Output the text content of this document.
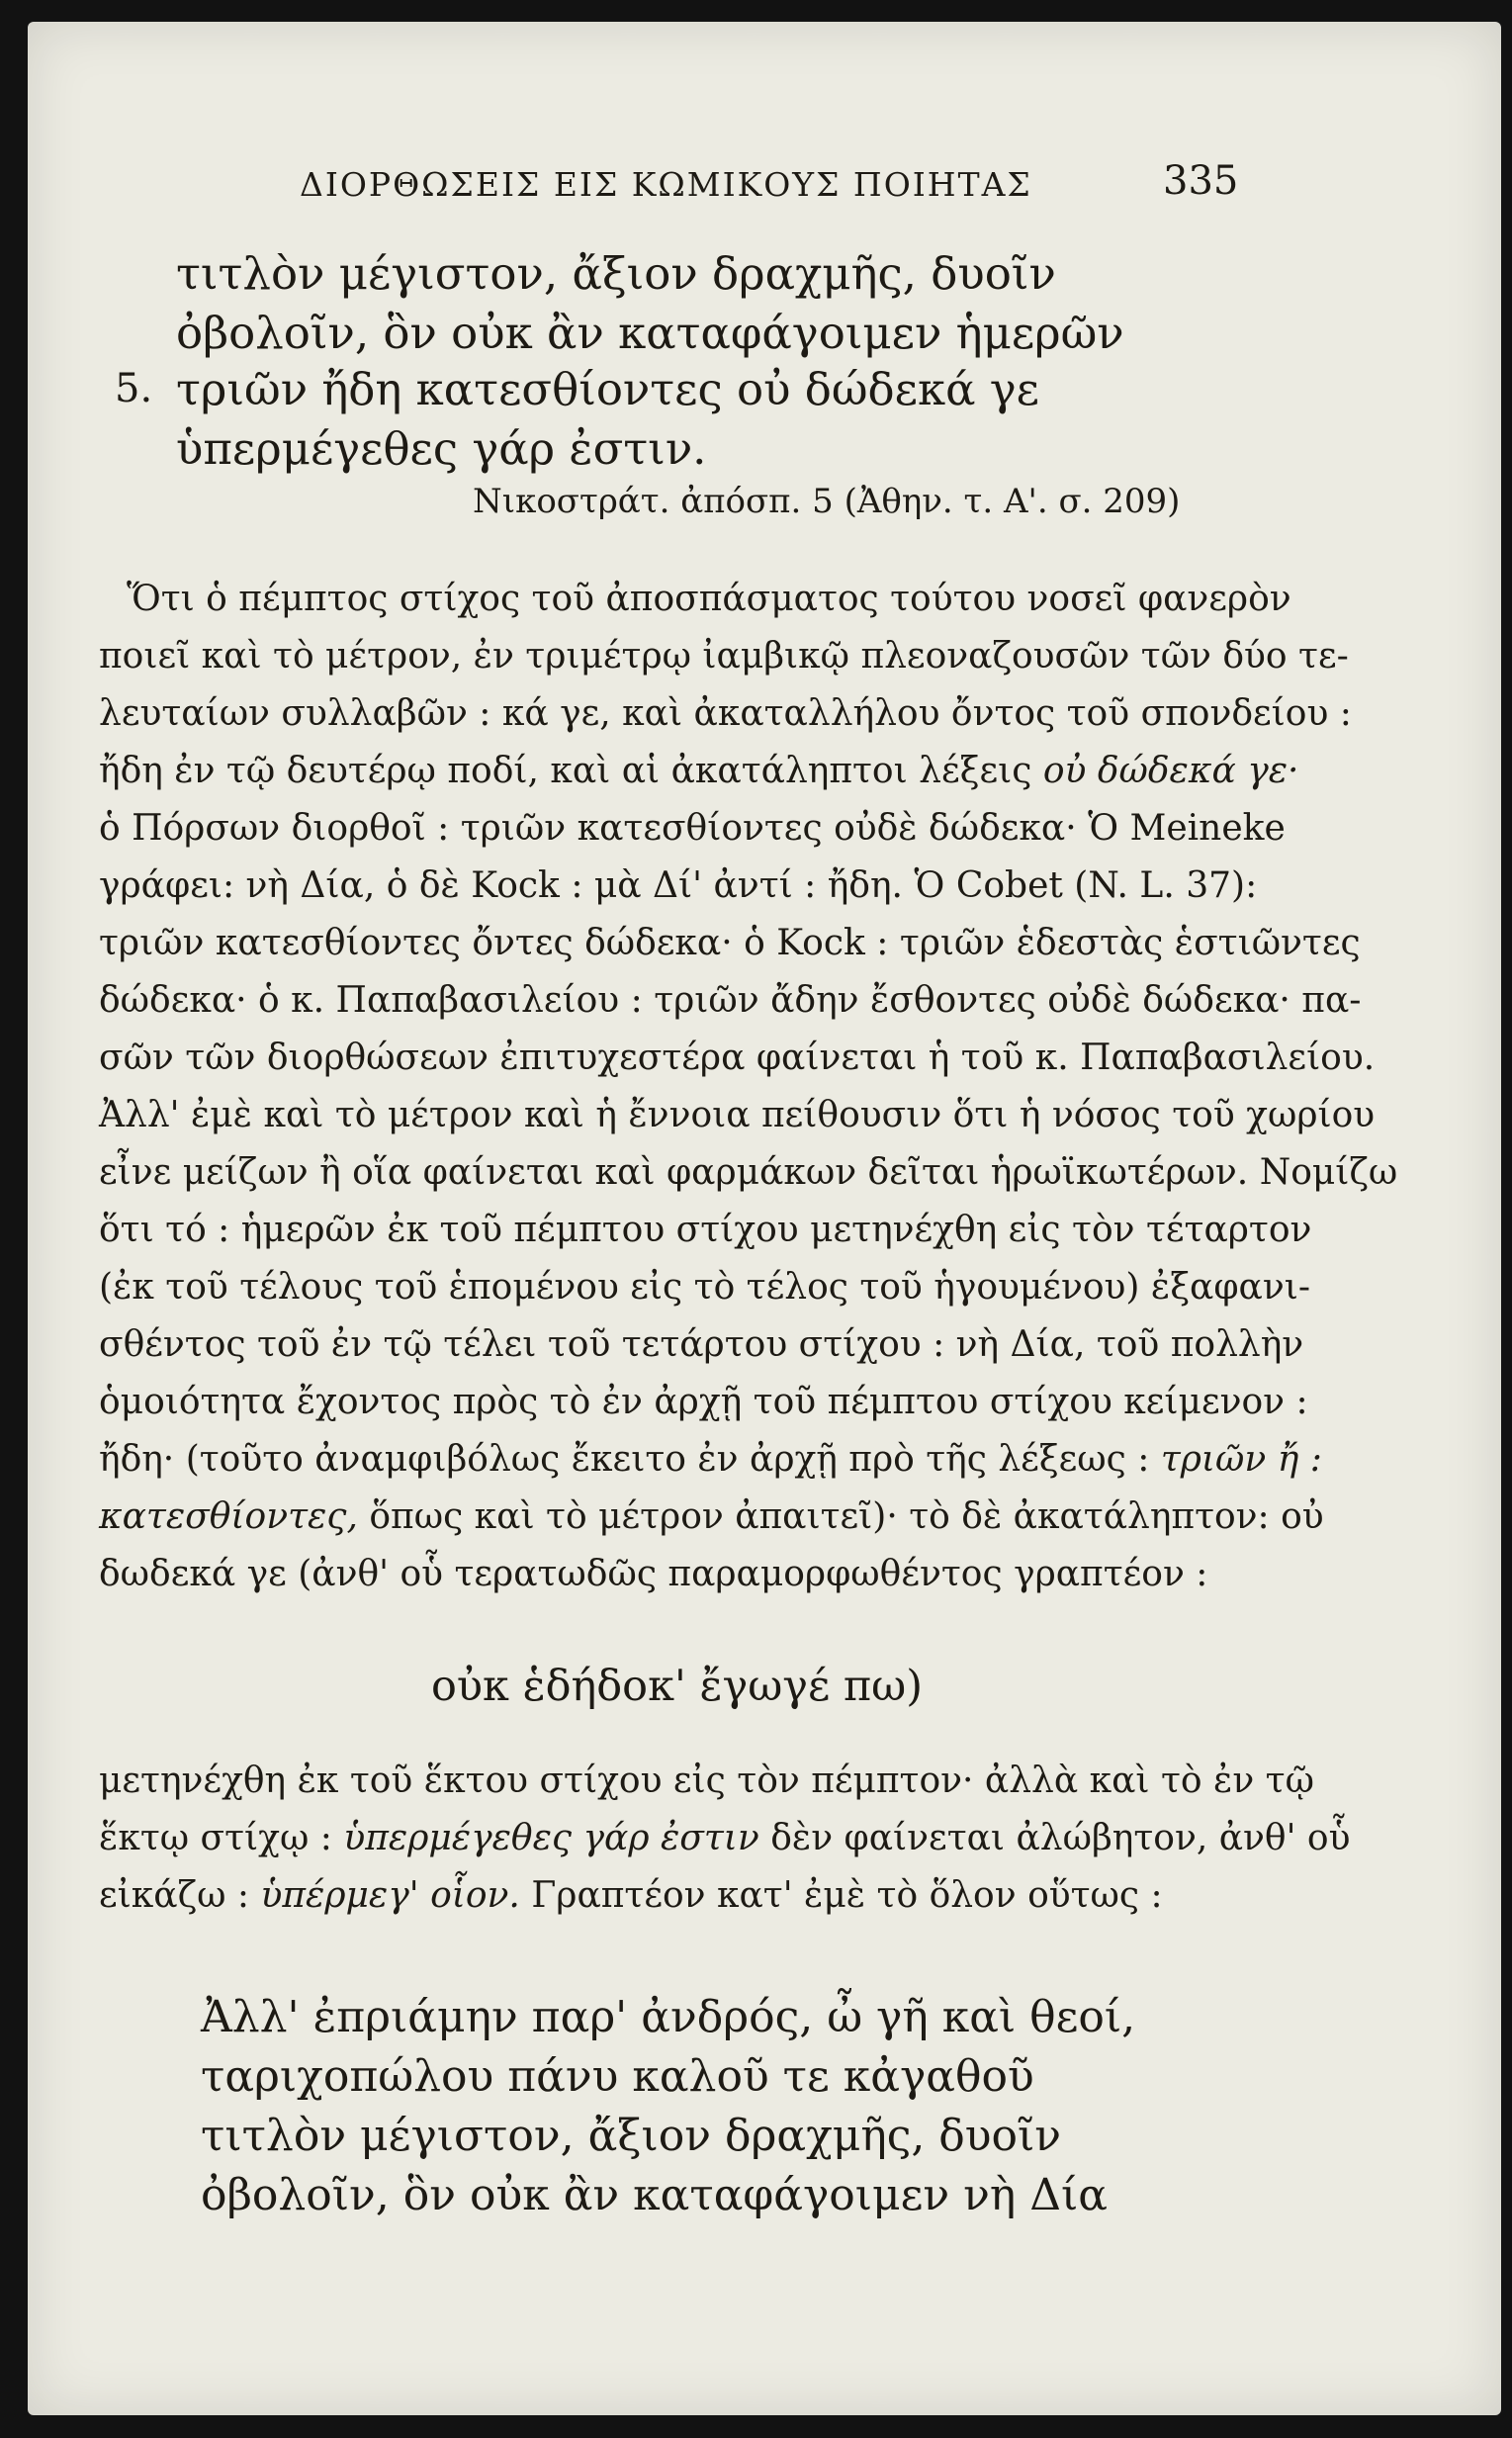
ΔΙΟΡΘΩΣΕΙΣ ΕΙΣ ΚΩΜΙΚΟΥΣ ΠΟΙΗΤΑΣ	335
τιτλὸν μέγιστον, ἄξιον δραχμῆς, δυοῖν
ὀβολοῖν, ὃν οὐκ ἂν καταφάγοιμεν ἡμερῶν
5. τριῶν ἤδη κατεσθίοντες οὐ δώδεκά γε
ὑπερμέγεθες γάρ ἐστιν.
Νικοστράτ. ἀπόσπ. 5 (Ἀθην. τ. Α'. σ. 209)
Ὅτι ὁ πέμπτος στίχος τοῦ ἀποσπάσματος τούτου νοσεῖ φανερὸν
ποιεῖ καὶ τὸ μέτρον, ἐν τριμέτρῳ ἰαμβικῷ πλεοναζουσῶν τῶν δύο τε-
λευταίων συλλαβῶν : κά γε, καὶ ἀκαταλλήλου ὄντος τοῦ σπονδείου :
ἤδη ἐν τῷ δευτέρῳ ποδί, καὶ αἱ ἀκατάληπτοι λέξεις οὐ δώδεκά γε·
ὁ Πόρσων διορθοῖ : τριῶν κατεσθίοντες οὐδὲ δώδεκα· Ὁ Meineke
γράφει: νὴ Δία, ὁ δὲ Kock : μὰ Δί' ἀντί : ἤδη. Ὁ Cobet (N. L. 37):
τριῶν κατεσθίοντες ὄντες δώδεκα· ὁ Kock : τριῶν ἑδεστὰς ἑστιῶντες
δώδεκα· ὁ κ. Παπαβασιλείου : τριῶν ἄδην ἔσθοντες οὐδὲ δώδεκα· πα-
σῶν τῶν διορθώσεων ἐπιτυχεστέρα φαίνεται ἡ τοῦ κ. Παπαβασιλείου.
Ἀλλ' ἐμὲ καὶ τὸ μέτρον καὶ ἡ ἔννοια πείθουσιν ὅτι ἡ νόσος τοῦ χωρίου
εἶνε μείζων ἢ οἵα φαίνεται καὶ φαρμάκων δεῖται ἡρωϊκωτέρων. Νομίζω
ὅτι τό : ἡμερῶν ἐκ τοῦ πέμπτου στίχου μετηνέχθη εἰς τὸν τέταρτον
(ἐκ τοῦ τέλους τοῦ ἑπομένου εἰς τὸ τέλος τοῦ ἡγουμένου) ἐξαφανι-
σθέντος τοῦ ἐν τῷ τέλει τοῦ τετάρτου στίχου : νὴ Δία, τοῦ πολλὴν
ὁμοιότητα ἔχοντος πρὸς τὸ ἐν ἀρχῇ τοῦ πέμπτου στίχου κείμενον :
ἤδη· (τοῦτο ἀναμφιβόλως ἔκειτο ἐν ἀρχῇ πρὸ τῆς λέξεως : τριῶν ἤ :
κατεσθίοντες, ὅπως καὶ τὸ μέτρον ἀπαιτεῖ)· τὸ δὲ ἀκατάληπτον: οὐ
δωδεκά γε (ἀνθ' οὗ τερατωδῶς παραμορφωθέντος γραπτέον :
οὐκ ἑδήδοκ' ἔγωγέ πω)
μετηνέχθη ἐκ τοῦ ἕκτου στίχου εἰς τὸν πέμπτον· ἀλλὰ καὶ τὸ ἐν τῷ
ἕκτῳ στίχῳ : ὑπερμέγεθες γάρ ἐστιν δὲν φαίνεται ἀλώβητον, ἀνθ' οὗ
εἰκάζω : ὑπέρμεγ' οἷον. Γραπτέον κατ' ἐμὲ τὸ ὅλον οὕτως :
Ἀλλ' ἐπριάμην παρ' ἀνδρός, ὦ γῆ καὶ θεοί,
ταριχοπώλου πάνυ καλοῦ τε κἀγαθοῦ
τιτλὸν μέγιστον, ἄξιον δραχμῆς, δυοῖν
ὀβολοῖν, ὃν οὐκ ἂν καταφάγοιμεν νὴ Δία
